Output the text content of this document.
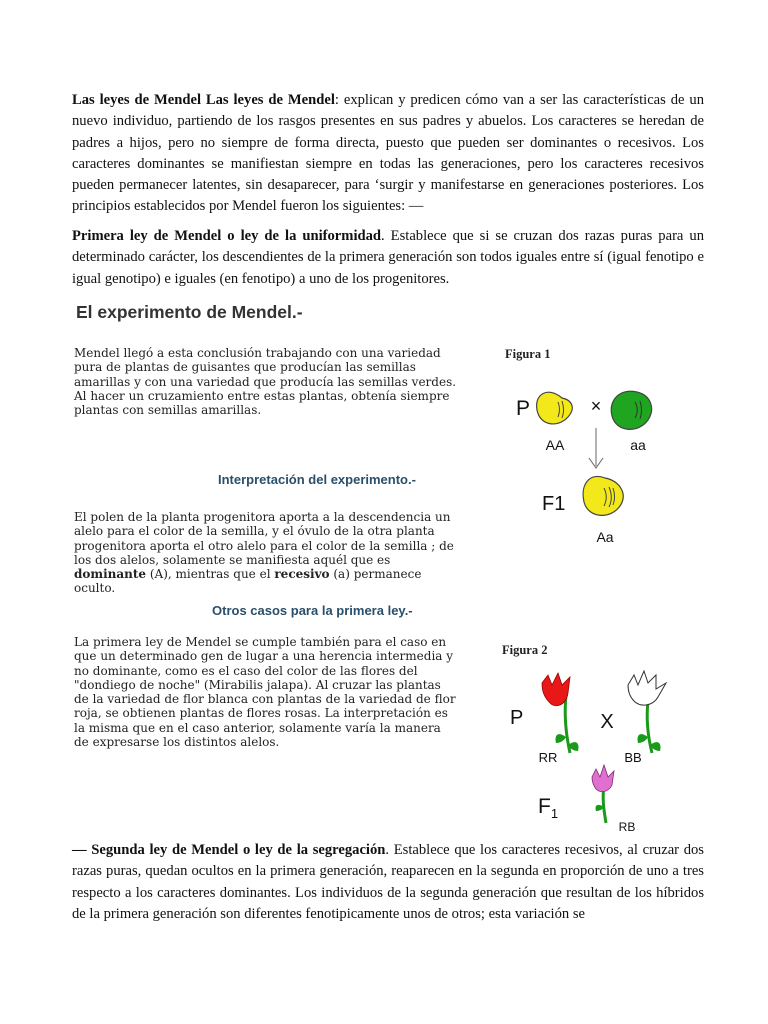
Las leyes de Mendel Las leyes de Mendel: explican y predicen cómo van a ser las características de un nuevo individuo, partiendo de los rasgos presentes en sus padres y abuelos. Los caracteres se heredan de padres a hijos, pero no siempre de forma directa, puesto que pueden ser dominantes o recesivos. Los caracteres dominantes se manifiestan siempre en todas las generaciones, pero los caracteres recesivos pueden permanecer latentes, sin desaparecer, para ‘surgir y manifestarse en generaciones posteriores. Los principios establecidos por Mendel fueron los siguientes: —

Primera ley de Mendel o ley de la uniformidad. Establece que si se cruzan dos razas puras para un determinado carácter, los descendientes de la primera generación son todos iguales entre sí (igual fenotipo e igual genotipo) e iguales (en fenotipo) a uno de los progenitores.

El experimento de Mendel.-

Mendel llegó a esta conclusión trabajando con una variedad pura de plantas de guisantes que producían las semillas amarillas y con una variedad que producía las semillas verdes. Al hacer un cruzamiento entre estas plantas, obtenía siempre plantas con semillas amarillas.

Interpretación del experimento.-

El polen de la planta progenitora aporta a la descendencia un alelo para el color de la semilla, y el óvulo de la otra planta progenitora aporta el otro alelo para el color de la semilla ; de los dos alelos, solamente se manifiesta aquél que es dominante (A), mientras que el recesivo (a) permanece oculto.

Otros casos para la primera ley.-

La primera ley de Mendel se cumple también para el caso en que un determinado gen de lugar a una herencia intermedia y no dominante, como es el caso del color de las flores del "dondiego de noche" (Mirabilis jalapa). Al cruzar las plantas de la variedad de flor blanca con plantas de la variedad de flor roja, se obtienen plantas de flores rosas. La interpretación es la misma que en el caso anterior, solamente varía la manera de expresarse los distintos alelos.

Figura 1

P	×
AA	aa
F1
Aa

Figura 2

P	X
RR	BB
$F_1$
RB

— Segunda ley de Mendel o ley de la segregación. Establece que los caracteres recesivos, al cruzar dos razas puras, quedan ocultos en la primera generación, reaparecen en la segunda en proporción de uno a tres respecto a los caracteres dominantes. Los individuos de la segunda generación que resultan de los híbridos de la primera generación son diferentes fenotipicamente unos de otros; esta variación se
